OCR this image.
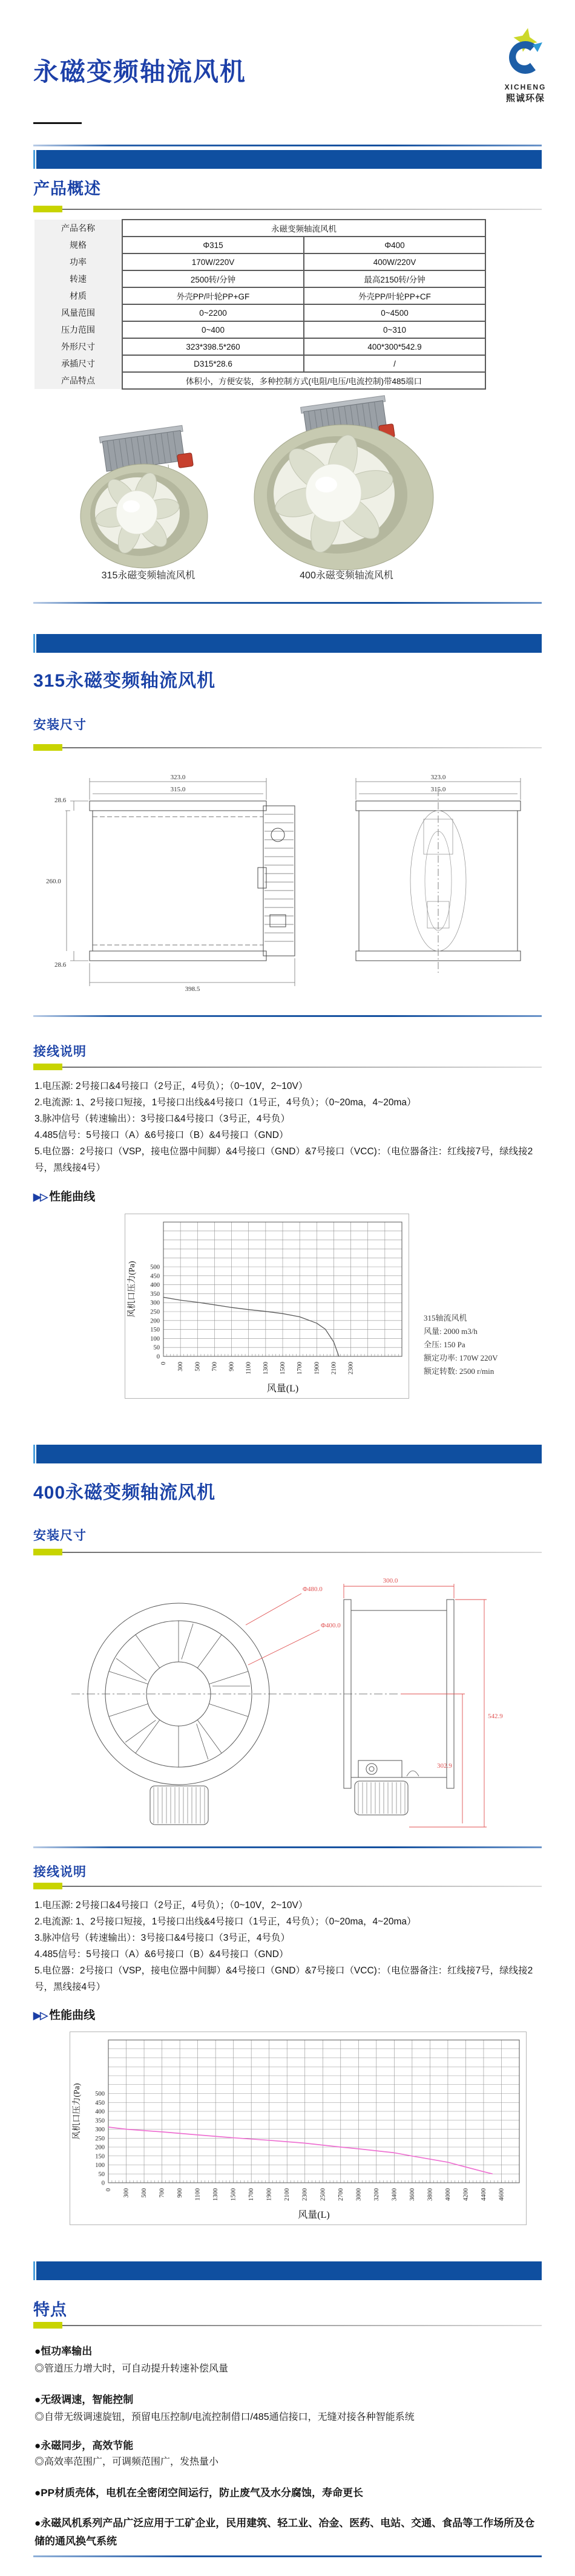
永磁变频轴流风机
XICHENG
熙诚环保
产品概述
产品名称	永磁变频轴流风机	
规格	Φ315	Φ400
功率	170W/220V	400W/220V
转速	2500转/分钟	最高2150转/分钟
材质	外壳PP/叶轮PP+GF	外壳PP/叶轮PP+CF
风量范围	0~2200	0~4500
压力范围	0~400	0~310
外形尺寸	323*398.5*260	400*300*542.9
承插尺寸	D315*28.6	/
产品特点	体积小，方便安装，多种控制方式(电阻/电压/电流控制)带485端口	
315永磁变频轴流风机	400永磁变频轴流风机
315永磁变频轴流风机
安装尺寸
323.0
315.0
28.6
260.0
28.6
398.5
323.0
315.0
接线说明

1.电压源: 2号接口&4号接口（2号正，4号负）；（0~10V，2~10V）

2.电流源: 1、2号接口短接，1号接口出线&4号接口（1号正，4号负）；（0~20ma，4~20ma）

3.脉冲信号（转速输出）：3号接口&4号接口（3号正，4号负）

4.485信号：5号接口（A）&6号接口（B）&4号接口（GND）

5.电位器：2号接口（VSP，接电位器中间脚）&4号接口（GND）&7号接口（VCC)：（电位器备注：红线接7号，绿线接2号，黑线接4号）

▶▷ 性能曲线
0
50
100
150
200
250
300
350
400
450
500
0 300 500 700 900 1100 1300 1500 1700 1900 2100 2300
风量(L)
风机口压力(Pa)
315轴流风机
风量: 2000 m3/h
全压: 150 Pa
额定功率: 170W 220V
额定转数: 2500 r/min
400永磁变频轴流风机
安装尺寸
Φ480.0
Φ400.0
300.0
542.9
302.9
接线说明

1.电压源: 2号接口&4号接口（2号正，4号负）；（0~10V，2~10V）

2.电流源: 1、2号接口短接，1号接口出线&4号接口（1号正，4号负）；（0~20ma，4~20ma）

3.脉冲信号（转速输出）：3号接口&4号接口（3号正，4号负）

4.485信号：5号接口（A）&6号接口（B）&4号接口（GND）

5.电位器：2号接口（VSP，接电位器中间脚）&4号接口（GND）&7号接口（VCC)：（电位器备注：红线接7号，绿线接2号，黑线接4号）

▶▷ 性能曲线
0
50
100
150
200
250
300
350
400
450
500
0 300 500 700 900 1100 1300 1500 1700 1900 2100 2300 2500 2700 3000 3200 3400 3600 3800 4000 4200 4400 4600
风量(L)
风机口压力(Pa)
特点
●恒功率输出
◎管道压力增大时，可自动提升转速补偿风量
●无级调速，智能控制
◎自带无级调速旋钮，预留电压控制/电流控制借口/485通信接口，无缝对接各种智能系统
●永磁同步，高效节能
◎高效率范围广，可调频范围广，发热量小
●PP材质壳体，电机在全密闭空间运行，防止废气及水分腐蚀，寿命更长
●永磁风机系列产品广泛应用于工矿企业，民用建筑、轻工业、冶金、医药、电站、交通、食品等工作场所及仓储的通风换气系统
